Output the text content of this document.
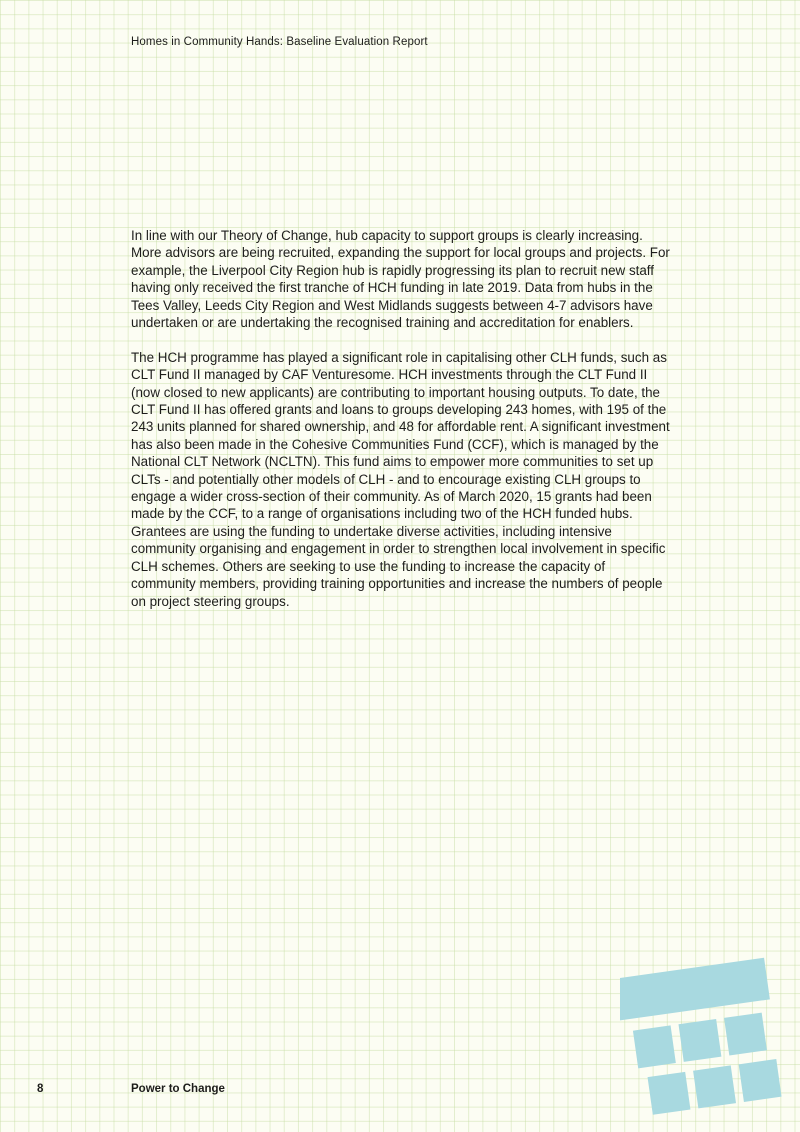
Homes in Community Hands: Baseline Evaluation Report

In line with our Theory of Change, hub capacity to support groups is clearly increasing. More advisors are being recruited, expanding the support for local groups and projects. For example, the Liverpool City Region hub is rapidly progressing its plan to recruit new staff having only received the first tranche of HCH funding in late 2019. Data from hubs in the Tees Valley, Leeds City Region and West Midlands suggests between 4-7 advisors have undertaken or are undertaking the recognised training and accreditation for enablers.

The HCH programme has played a significant role in capitalising other CLH funds, such as CLT Fund II managed by CAF Venturesome. HCH investments through the CLT Fund II (now closed to new applicants) are contributing to important housing outputs. To date, the CLT Fund II has offered grants and loans to groups developing 243 homes, with 195 of the 243 units planned for shared ownership, and 48 for affordable rent. A significant investment has also been made in the Cohesive Communities Fund (CCF), which is managed by the National CLT Network (NCLTN). This fund aims to empower more communities to set up CLTs - and potentially other models of CLH - and to encourage existing CLH groups to engage a wider cross-section of their community. As of March 2020, 15 grants had been made by the CCF, to a range of organisations including two of the HCH funded hubs. Grantees are using the funding to undertake diverse activities, including intensive community organising and engagement in order to strengthen local involvement in specific CLH schemes. Others are seeking to use the funding to increase the capacity of community members, providing training opportunities and increase the numbers of people on project steering groups.

8	Power to Change
